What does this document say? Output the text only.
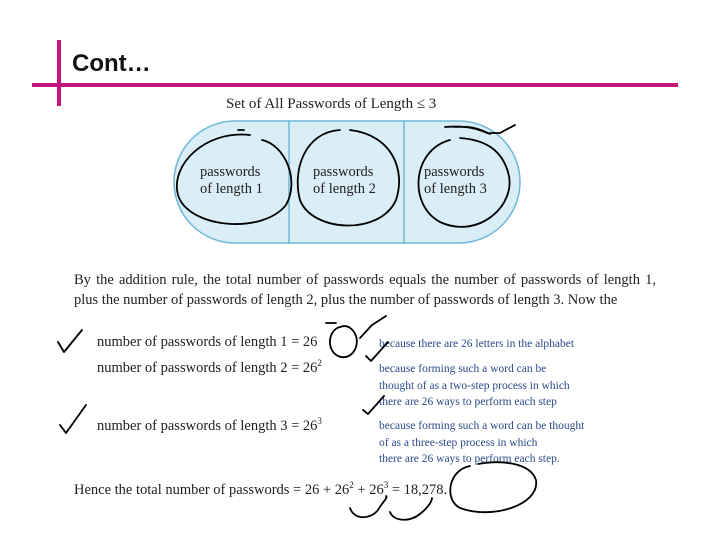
Cont…
Set of All Passwords of Length ≤ 3
passwords
of length 1
passwords
of length 2
passwords
of length 3
By the addition rule, the total number of passwords equals the number of passwords of length 1, plus the number of passwords of length 2, plus the number of passwords of length 3. Now the
number of passwords of length 1 = 26	because there are 26 letters in the alphabet
number of passwords of length $2 = 26^2$	because forming such a word can be
thought of as a two-step process in which
there are 26 ways to perform each step
number of passwords of length $3 = 26^3$	because forming such a word can be thought
of as a three-step process in which
there are 26 ways to perform each step.
Hence the total number of passwords = $26 + 26^2 + 26^3 = 18,278$.
